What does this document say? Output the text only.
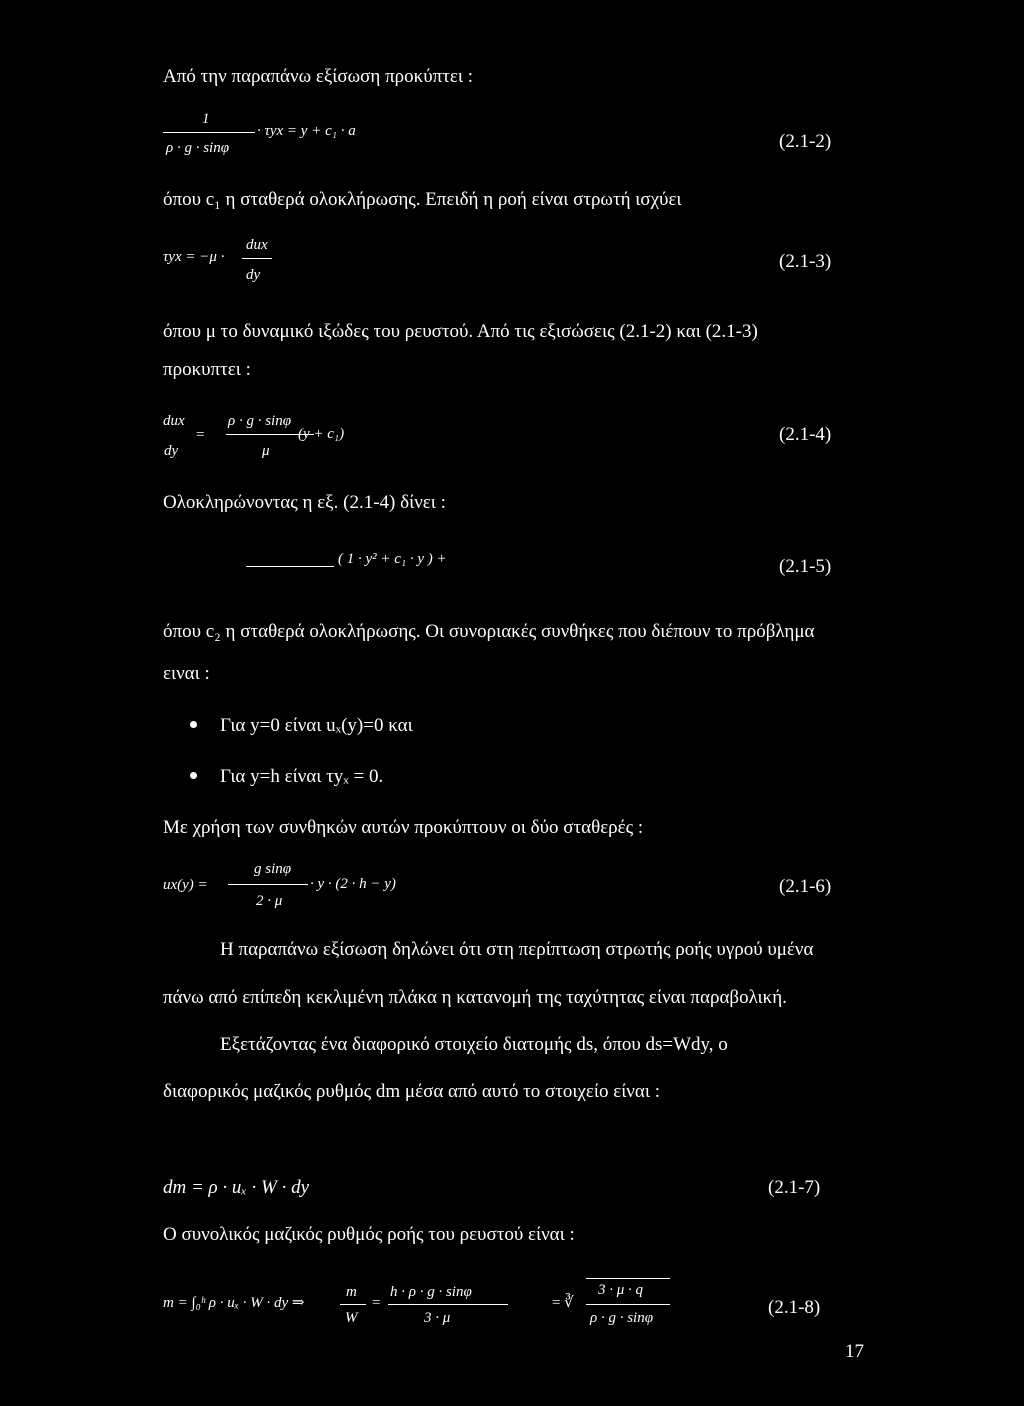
Από την παραπάνω εξίσωση προκύπτει :
1
ρ · g · sinφ
· τyx = y + c₁ · a	(2.1-2)
όπου c₁ η σταθερά ολοκλήρωσης. Επειδή η ροή είναι στρωτή ισχύει
τyx = −μ ·
dux
dy
(2.1-3)
όπου μ το δυναμικό ιξώδες του ρευστού. Από τις εξισώσεις (2.1-2) και (2.1-3)
προκυπτει :
dux
dy
=
ρ · g · sinφ
μ
(y + c₁)	(2.1-4)
Ολοκληρώνοντας η εξ. (2.1-4) δίνει :
( 1 · y² + c₁ · y ) +	(2.1-5)
όπου c₂ η σταθερά ολοκλήρωσης. Οι συνοριακές συνθήκες που διέπουν το πρόβλημα
ειναι :
Για y=0 είναι uₓ(y)=0 και
Για y=h είναι τyₓ = 0.
Με χρήση των συνθηκών αυτών προκύπτουν οι δύο σταθερές :
ux(y) =
g sinφ
2 · μ
· y · (2 · h − y)	(2.1-6)
Η παραπάνω εξίσωση δηλώνει ότι στη περίπτωση στρωτής ροής υγρού υμένα
πάνω από επίπεδη κεκλιμένη πλάκα η κατανομή της ταχύτητας είναι παραβολική.
Εξετάζοντας ένα διαφορικό στοιχείο διατομής ds, όπου ds=Wdy, ο
διαφορικός μαζικός ρυθμός dm μέσα από αυτό το στοιχείο είναι :
dm = ρ · uₓ · W · dy	(2.1-7)
Ο συνολικός μαζικός ρυθμός ροής του ρευστού είναι :
m = ∫₀ʰ ρ · uₓ · W · dy ⇒
m
W
=
h · ρ · g · sinφ
3 · μ
= ∛
3 · μ · q
ρ · g · sinφ	(2.1-8)
17
